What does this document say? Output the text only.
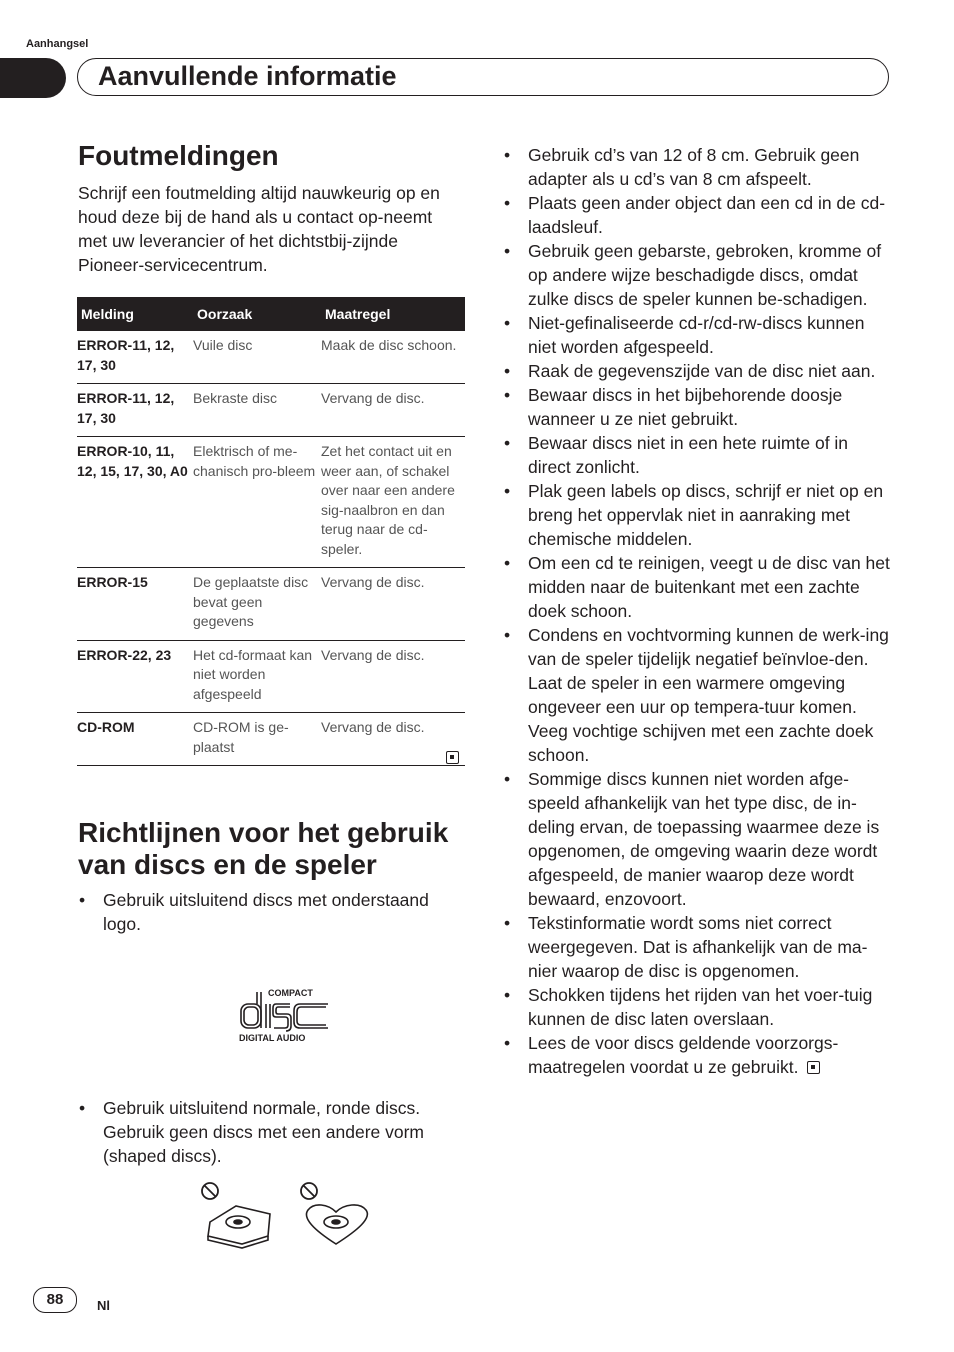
Aanhangsel
Aanvullende informatie
Foutmeldingen
Schrijf een foutmelding altijd nauwkeurig op en houd deze bij de hand als u contact op-neemt met uw leverancier of het dichtstbij-zijnde Pioneer-servicecentrum.
Melding	Oorzaak	Maatregel
ERROR-11, 12, 17, 30	Vuile disc	Maak de disc schoon.
ERROR-11, 12, 17, 30	Bekraste disc	Vervang de disc.
ERROR-10, 11, 12, 15, 17, 30, A0	Elektrisch of me-chanisch pro-bleem	Zet het contact uit en weer aan, of schakel over naar een andere sig-naalbron en dan terug naar de cd-speler.
ERROR-15	De geplaatste disc bevat geen gegevens	Vervang de disc.
ERROR-22, 23	Het cd-formaat kan niet worden afgespeeld	Vervang de disc.
CD-ROM	CD-ROM is ge-plaatst	Vervang de disc.
Richtlijnen voor het gebruik van discs en de speler
• Gebruik uitsluitend discs met onderstaand logo.
COMPACT
DIGITAL AUDIO
• Gebruik uitsluitend normale, ronde discs. Gebruik geen discs met een andere vorm (shaped discs).
• Gebruik cd’s van 12 of 8 cm. Gebruik geen adapter als u cd’s van 8 cm afspeelt.
• Plaats geen ander object dan een cd in de cd-laadsleuf.
• Gebruik geen gebarste, gebroken, kromme of op andere wijze beschadigde discs, omdat zulke discs de speler kunnen be-schadigen.
• Niet-gefinaliseerde cd-r/cd-rw-discs kunnen niet worden afgespeeld.
• Raak de gegevenszijde van de disc niet aan.
• Bewaar discs in het bijbehorende doosje wanneer u ze niet gebruikt.
• Bewaar discs niet in een hete ruimte of in direct zonlicht.
• Plak geen labels op discs, schrijf er niet op en breng het oppervlak niet in aanraking met chemische middelen.
• Om een cd te reinigen, veegt u de disc van het midden naar de buitenkant met een zachte doek schoon.
• Condens en vochtvorming kunnen de werk-ing van de speler tijdelijk negatief beïnvloe-den. Laat de speler in een warmere omgeving ongeveer een uur op tempera-tuur komen. Veeg vochtige schijven met een zachte doek schoon.
• Sommige discs kunnen niet worden afge-speeld afhankelijk van het type disc, de in-deling ervan, de toepassing waarmee deze is opgenomen, de omgeving waarin deze wordt afgespeeld, de manier waarop deze wordt bewaard, enzovoort.
• Tekstinformatie wordt soms niet correct weergegeven. Dat is afhankelijk van de ma-nier waarop de disc is opgenomen.
• Schokken tijdens het rijden van het voer-tuig kunnen de disc laten overslaan.
• Lees de voor discs geldende voorzorgs-maatregelen voordat u ze gebruikt.
88	Nl
